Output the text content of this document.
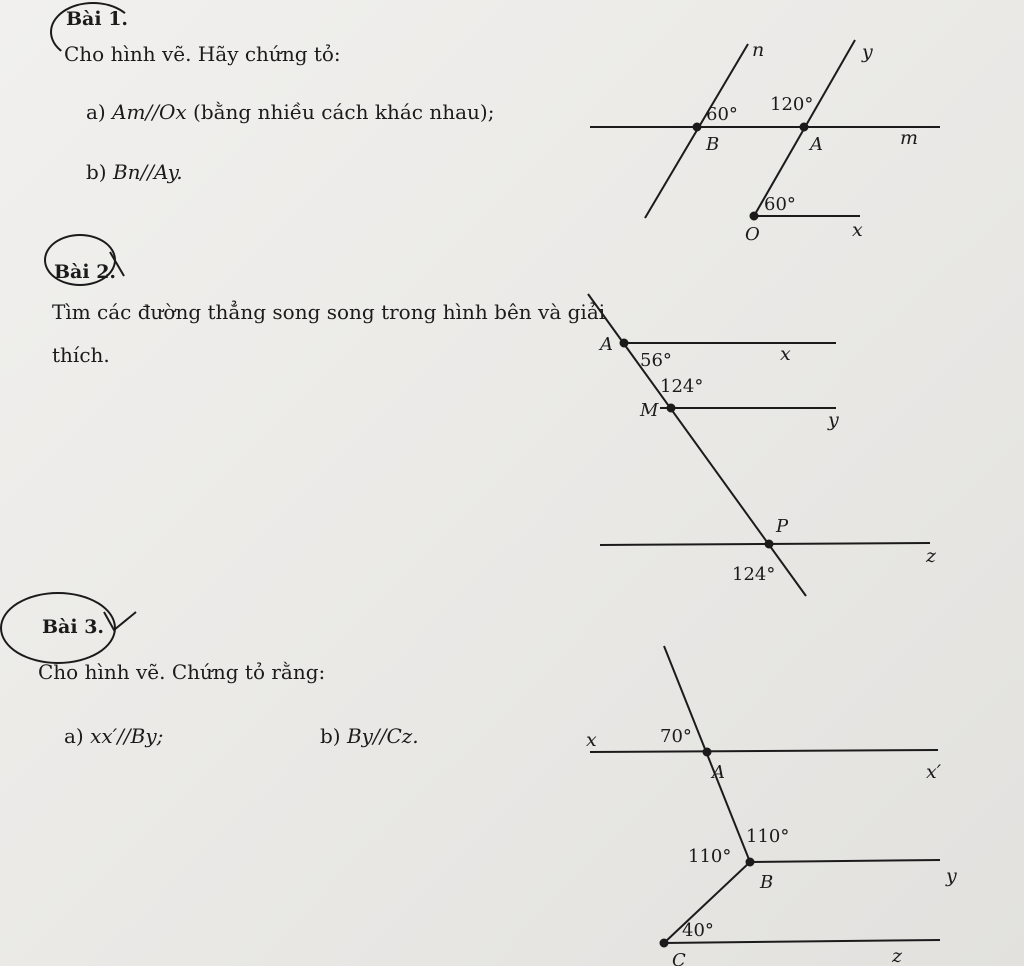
Bài 1.
Cho hình vẽ. Hãy chứng tỏ:
a) Am//Ox (bằng nhiều cách khác nhau);
b) Bn//Ay.
Bài 2.
Tìm các đường thẳng song song trong hình bên và giải
thích.
Bài 3.
Cho hình vẽ. Chứng tỏ rằng:
a) xx′//By;	b) By//Cz.
n	y
m
B	A
O	x
60° 120°
60°
A	x
M	y
P
z
56°
124°
124°
x
A	x′
B	y
C	z
70°
110°
110°
40°
